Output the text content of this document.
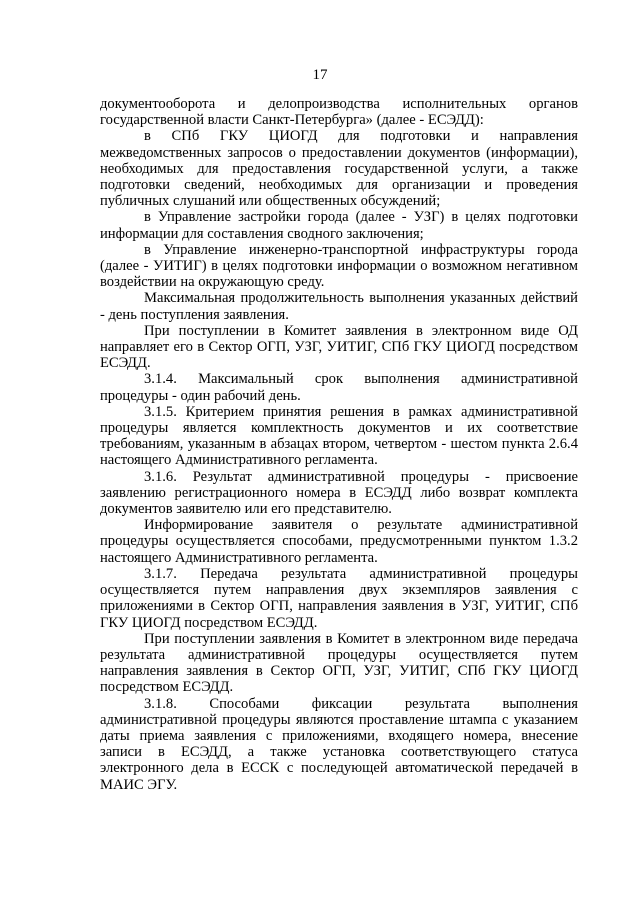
17

документооборота и делопроизводства исполнительных органов государственной власти Санкт-Петербурга» (далее - ЕСЭДД):

в СПб ГКУ ЦИОГД для подготовки и направления межведомственных запросов о предоставлении документов (информации), необходимых для предоставления государственной услуги, а также подготовки сведений, необходимых для организации и проведения публичных слушаний или общественных обсуждений;

в Управление застройки города (далее - УЗГ) в целях подготовки информации для составления сводного заключения;

в Управление инженерно-транспортной инфраструктуры города (далее - УИТИГ) в целях подготовки информации о возможном негативном воздействии на окружающую среду.

Максимальная продолжительность выполнения указанных действий - день поступления заявления.

При поступлении в Комитет заявления в электронном виде ОД направляет его в Сектор ОГП, УЗГ, УИТИГ, СПб ГКУ ЦИОГД посредством ЕСЭДД.

3.1.4. Максимальный срок выполнения административной процедуры - один рабочий день.

3.1.5. Критерием принятия решения в рамках административной процедуры является комплектность документов и их соответствие требованиям, указанным в абзацах втором, четвертом - шестом пункта 2.6.4 настоящего Административного регламента.

3.1.6. Результат административной процедуры - присвоение заявлению регистрационного номера в ЕСЭДД либо возврат комплекта документов заявителю или его представителю.

Информирование заявителя о результате административной процедуры осуществляется способами, предусмотренными пунктом 1.3.2 настоящего Административного регламента.

3.1.7. Передача результата административной процедуры осуществляется путем направления двух экземпляров заявления с приложениями в Сектор ОГП, направления заявления в УЗГ, УИТИГ, СПб ГКУ ЦИОГД посредством ЕСЭДД.

При поступлении заявления в Комитет в электронном виде передача результата административной процедуры осуществляется путем направления заявления в Сектор ОГП, УЗГ, УИТИГ, СПб ГКУ ЦИОГД посредством ЕСЭДД.

3.1.8. Способами фиксации результата выполнения административной процедуры являются проставление штампа с указанием даты приема заявления с приложениями, входящего номера, внесение записи в ЕСЭДД, а также установка соответствующего статуса электронного дела в ЕССК с последующей автоматической передачей в МАИС ЭГУ.
